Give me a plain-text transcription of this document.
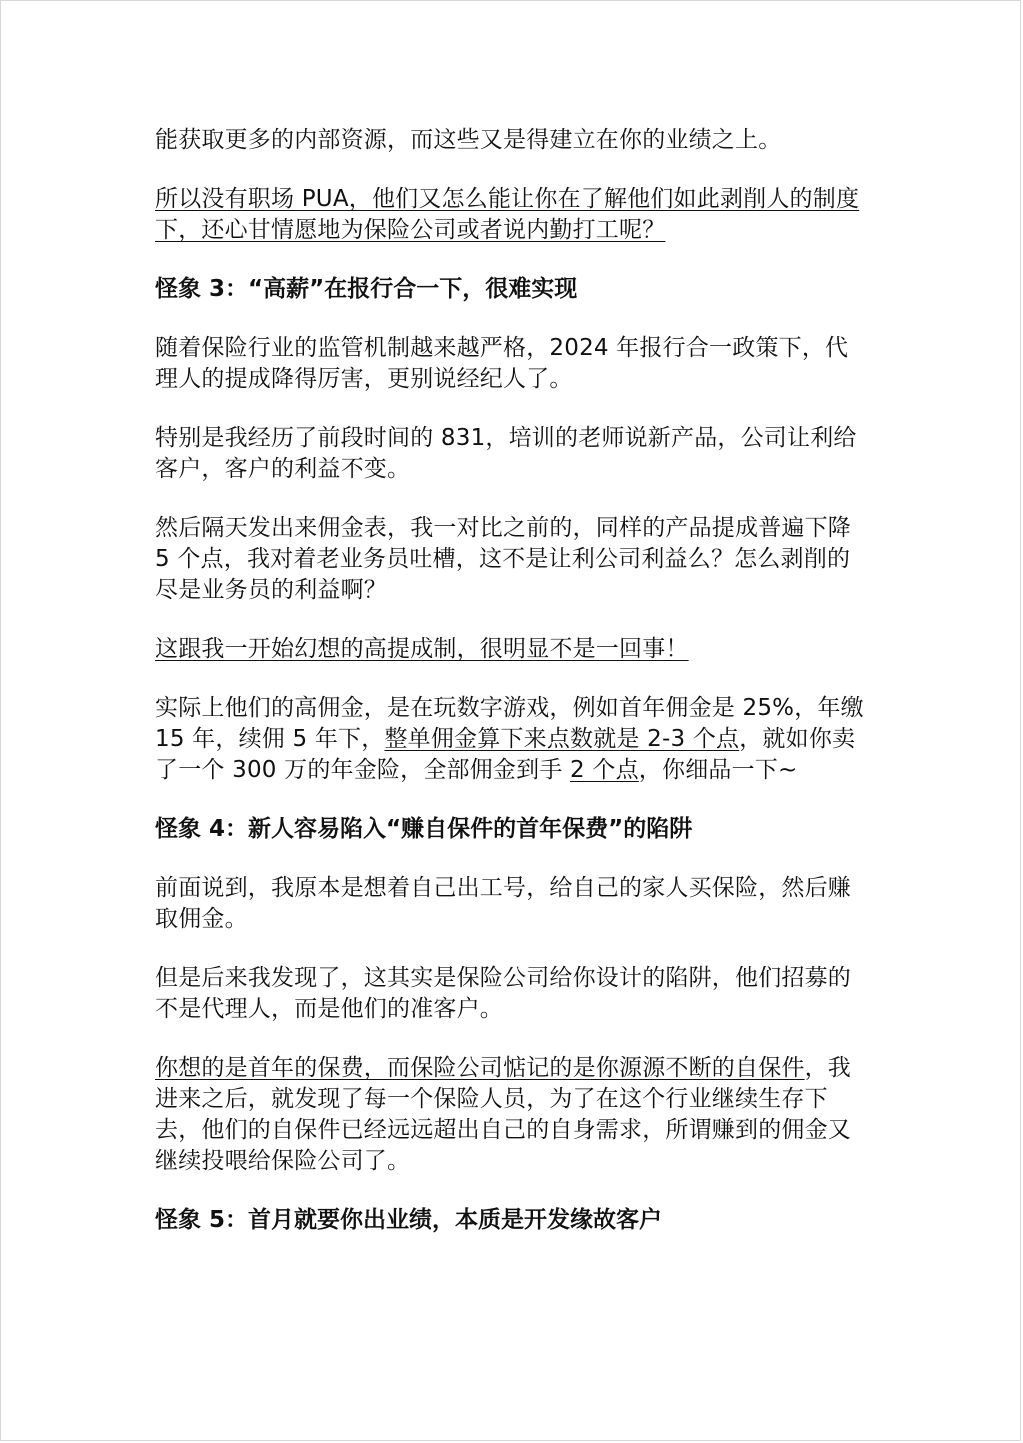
能获取更多的内部资源，而这些又是得建立在你的业绩之上。

所以没有职场 PUA，他们又怎么能让你在了解他们如此剥削人的制度下，还心甘情愿地为保险公司或者说内勤打工呢？

怪象 3：“高薪”在报行合一下，很难实现

随着保险行业的监管机制越来越严格，2024 年报行合一政策下，代理人的提成降得厉害，更别说经纪人了。

特别是我经历了前段时间的 831，培训的老师说新产品，公司让利给客户，客户的利益不变。

然后隔天发出来佣金表，我一对比之前的，同样的产品提成普遍下降 5 个点，我对着老业务员吐槽，这不是让利公司利益么？怎么剥削的尽是业务员的利益啊？

这跟我一开始幻想的高提成制，很明显不是一回事！

实际上他们的高佣金，是在玩数字游戏，例如首年佣金是 25%，年缴 15 年，续佣 5 年下，整单佣金算下来点数就是 2-3 个点，就如你卖了一个 300 万的年金险，全部佣金到手 2 个点，你细品一下~

怪象 4：新人容易陷入“赚自保件的首年保费”的陷阱

前面说到，我原本是想着自己出工号，给自己的家人买保险，然后赚取佣金。

但是后来我发现了，这其实是保险公司给你设计的陷阱，他们招募的不是代理人，而是他们的准客户。

你想的是首年的保费，而保险公司惦记的是你源源不断的自保件，我进来之后，就发现了每一个保险人员，为了在这个行业继续生存下去，他们的自保件已经远远超出自己的自身需求，所谓赚到的佣金又继续投喂给保险公司了。

怪象 5：首月就要你出业绩，本质是开发缘故客户
